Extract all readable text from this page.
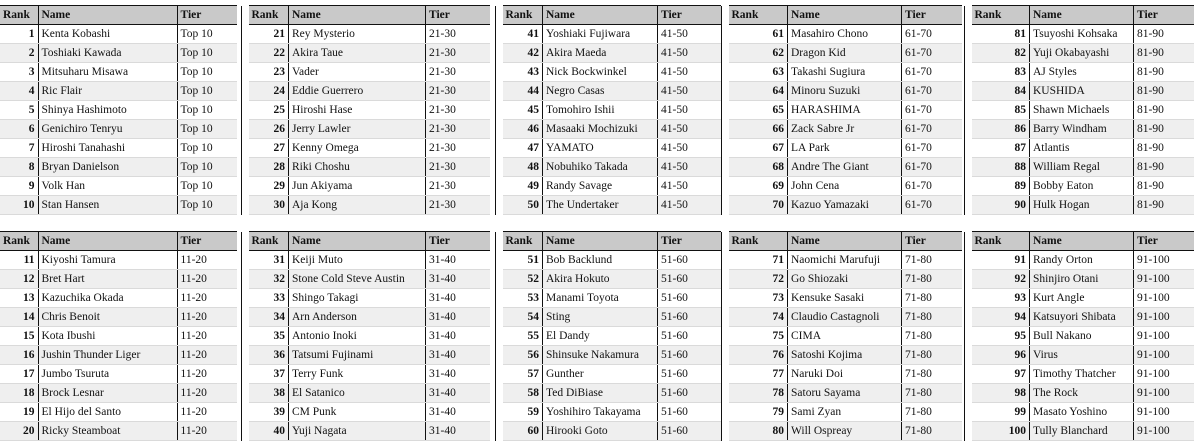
Rank	Name	Tier
1	Kenta Kobashi	Top 10
2	Toshiaki Kawada	Top 10
3	Mitsuharu Misawa	Top 10
4	Ric Flair	Top 10
5	Shinya Hashimoto	Top 10
6	Genichiro Tenryu	Top 10
7	Hiroshi Tanahashi	Top 10
8	Bryan Danielson	Top 10
9	Volk Han	Top 10
10	Stan Hansen	Top 10
	Rank	Name	Tier
	21	Rey Mysterio	21-30
	22	Akira Taue	21-30
	23	Vader	21-30
	24	Eddie Guerrero	21-30
	25	Hiroshi Hase	21-30
	26	Jerry Lawler	21-30
	27	Kenny Omega	21-30
	28	Riki Choshu	21-30
	29	Jun Akiyama	21-30
	30	Aja Kong	21-30
	Rank	Name	Tier
	41	Yoshiaki Fujiwara	41-50
	42	Akira Maeda	41-50
	43	Nick Bockwinkel	41-50
	44	Negro Casas	41-50
	45	Tomohiro Ishii	41-50
	46	Masaaki Mochizuki	41-50
	47	YAMATO	41-50
	48	Nobuhiko Takada	41-50
	49	Randy Savage	41-50
	50	The Undertaker	41-50
	Rank	Name	Tier
	61	Masahiro Chono	61-70
	62	Dragon Kid	61-70
	63	Takashi Sugiura	61-70
	64	Minoru Suzuki	61-70
	65	HARASHIMA	61-70
	66	Zack Sabre Jr	61-70
	67	LA Park	61-70
	68	Andre The Giant	61-70
	69	John Cena	61-70
	70	Kazuo Yamazaki	61-70
	Rank	Name	Tier
	81	Tsuyoshi Kohsaka	81-90
	82	Yuji Okabayashi	81-90
	83	AJ Styles	81-90
	84	KUSHIDA	81-90
	85	Shawn Michaels	81-90
	86	Barry Windham	81-90
	87	Atlantis	81-90
	88	William Regal	81-90
	89	Bobby Eaton	81-90
	90	Hulk Hogan	81-90
Rank	Name	Tier
11	Kiyoshi Tamura	11-20
12	Bret Hart	11-20
13	Kazuchika Okada	11-20
14	Chris Benoit	11-20
15	Kota Ibushi	11-20
16	Jushin Thunder Liger	11-20
17	Jumbo Tsuruta	11-20
18	Brock Lesnar	11-20
19	El Hijo del Santo	11-20
20	Ricky Steamboat	11-20
	Rank	Name	Tier
	31	Keiji Muto	31-40
	32	Stone Cold Steve Austin	31-40
	33	Shingo Takagi	31-40
	34	Arn Anderson	31-40
	35	Antonio Inoki	31-40
	36	Tatsumi Fujinami	31-40
	37	Terry Funk	31-40
	38	El Satanico	31-40
	39	CM Punk	31-40
	40	Yuji Nagata	31-40
	Rank	Name	Tier
	51	Bob Backlund	51-60
	52	Akira Hokuto	51-60
	53	Manami Toyota	51-60
	54	Sting	51-60
	55	El Dandy	51-60
	56	Shinsuke Nakamura	51-60
	57	Gunther	51-60
	58	Ted DiBiase	51-60
	59	Yoshihiro Takayama	51-60
	60	Hirooki Goto	51-60
	Rank	Name	Tier
	71	Naomichi Marufuji	71-80
	72	Go Shiozaki	71-80
	73	Kensuke Sasaki	71-80
	74	Claudio Castagnoli	71-80
	75	CIMA	71-80
	76	Satoshi Kojima	71-80
	77	Naruki Doi	71-80
	78	Satoru Sayama	71-80
	79	Sami Zyan	71-80
	80	Will Ospreay	71-80
	Rank	Name	Tier
	91	Randy Orton	91-100
	92	Shinjiro Otani	91-100
	93	Kurt Angle	91-100
	94	Katsuyori Shibata	91-100
	95	Bull Nakano	91-100
	96	Virus	91-100
	97	Timothy Thatcher	91-100
	98	The Rock	91-100
	99	Masato Yoshino	91-100
	100	Tully Blanchard	91-100
